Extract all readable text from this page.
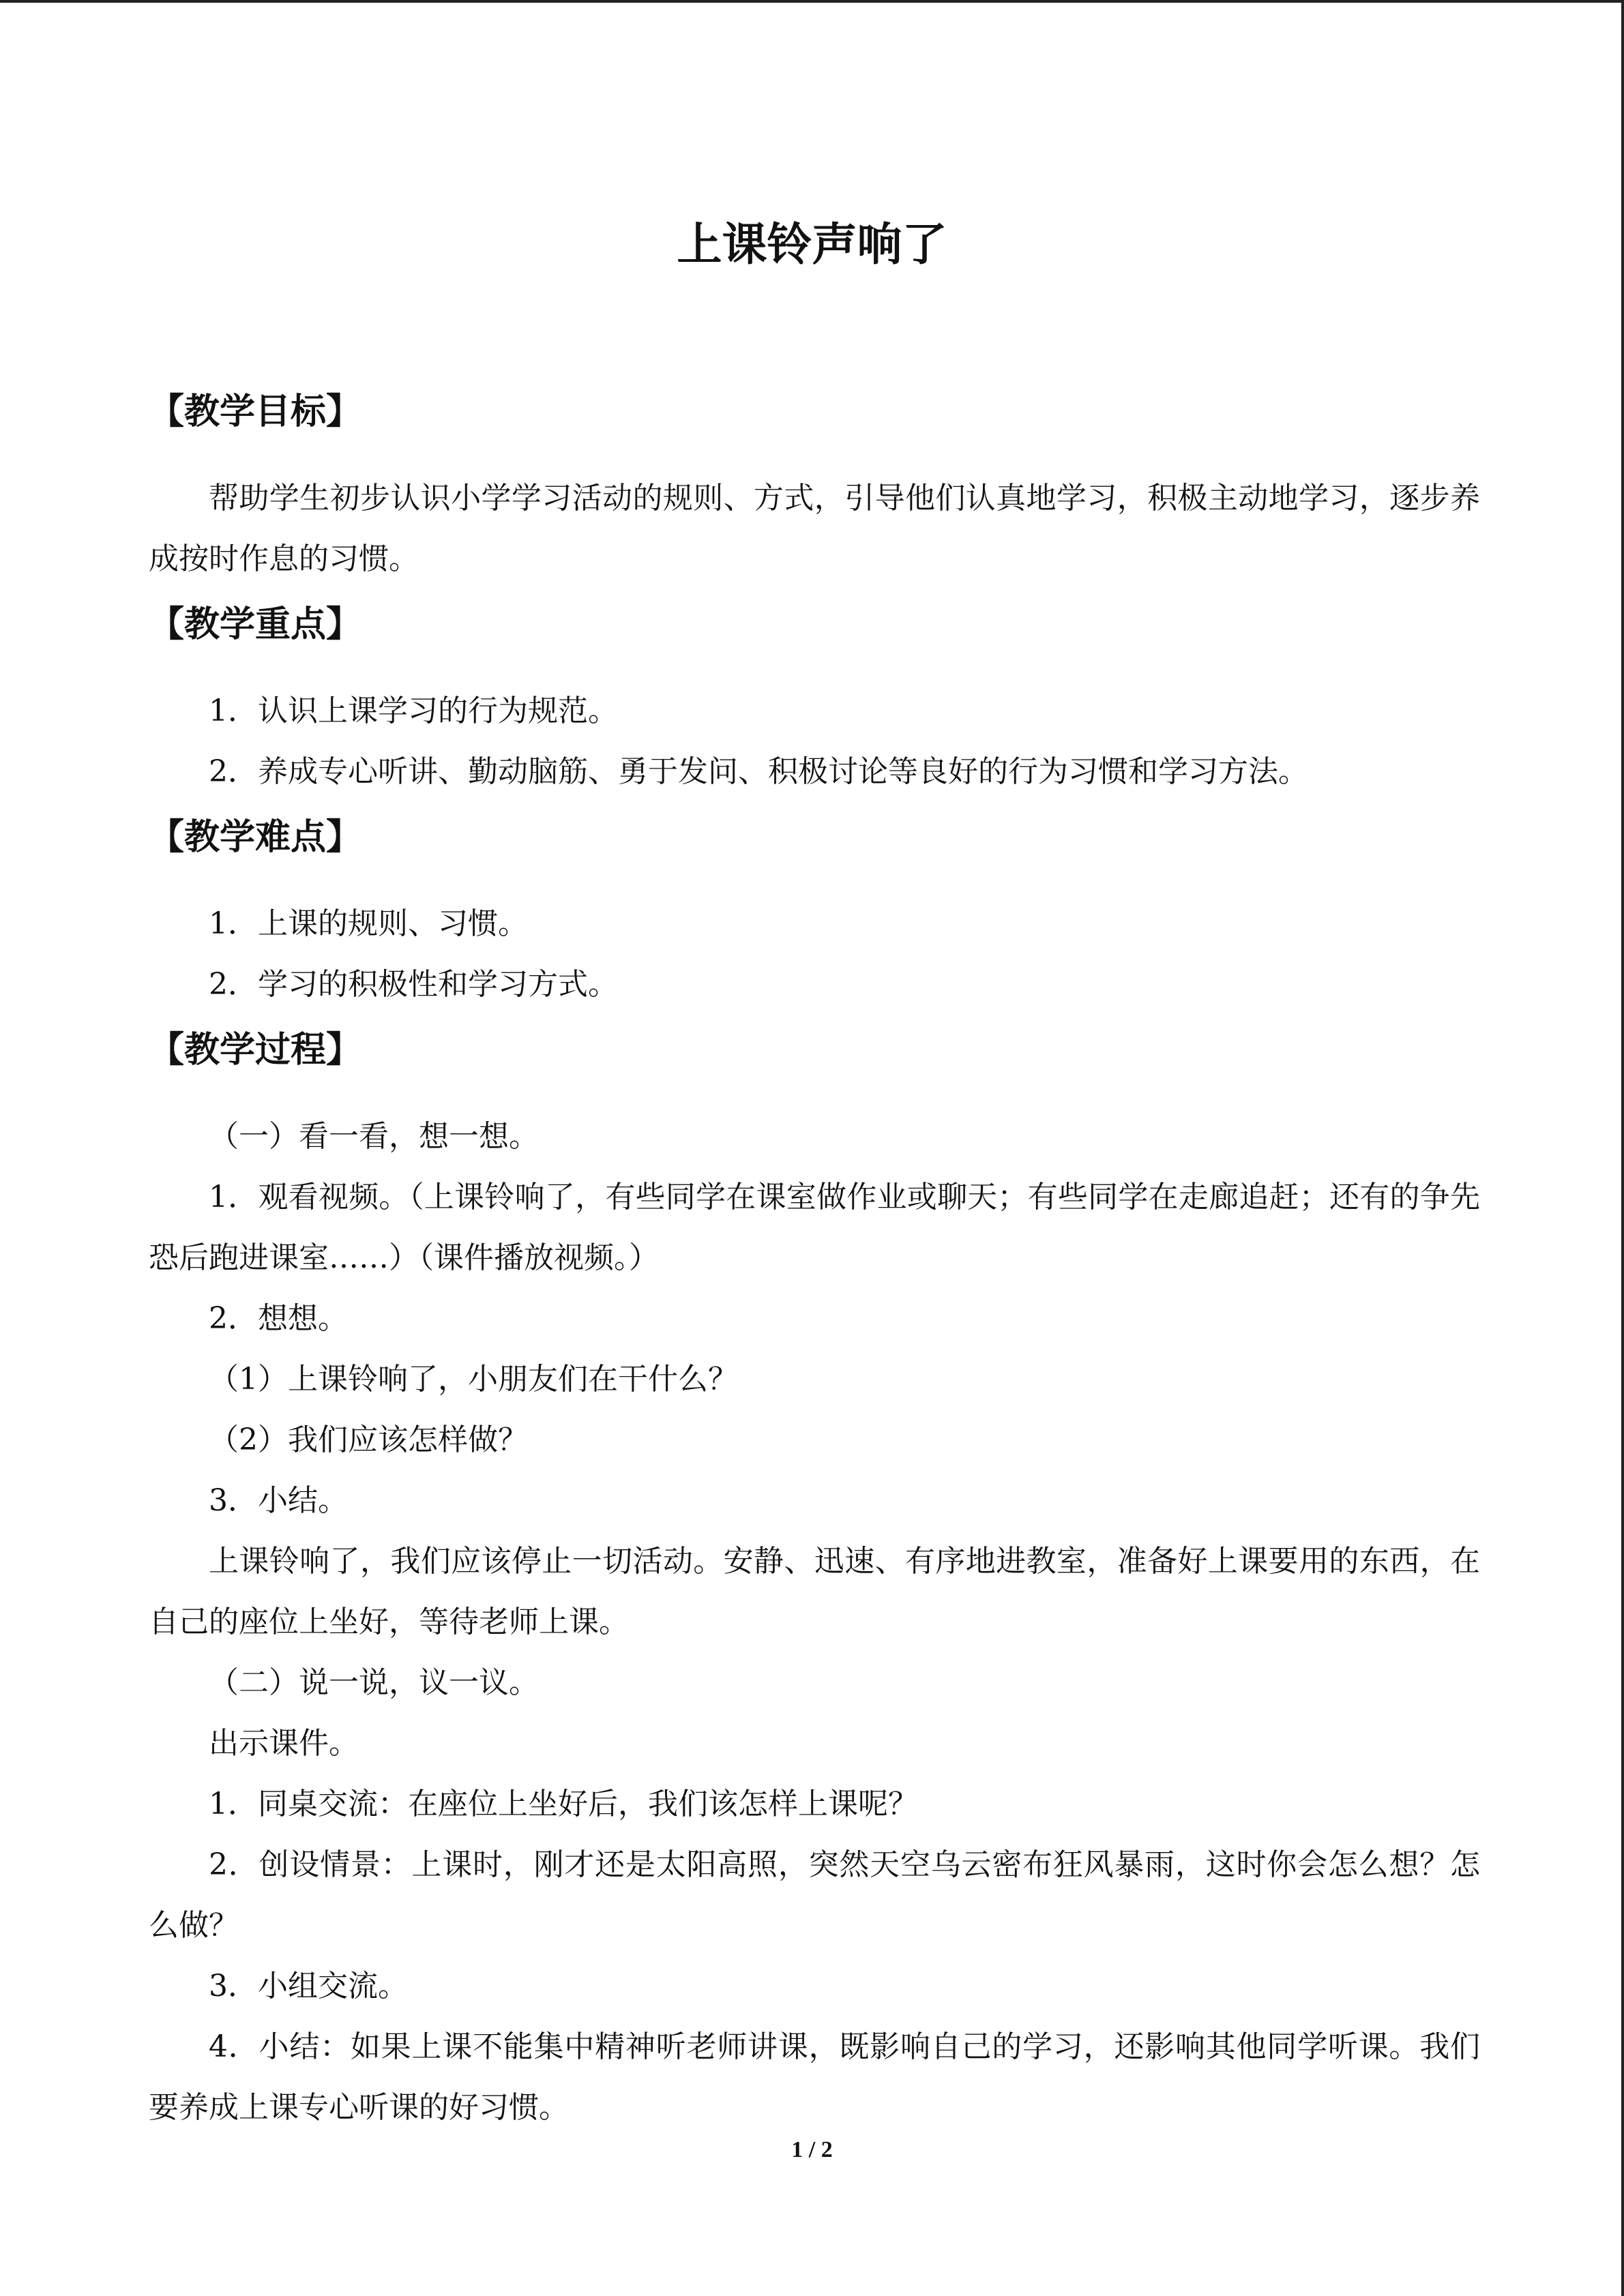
上课铃声响了
【教学目标】

帮助学生初步认识小学学习活动的规则、方式，引导他们认真地学习，积极主动地学习，逐步养成按时作息的习惯。

【教学重点】

1．认识上课学习的行为规范。

2．养成专心听讲、勤动脑筋、勇于发问、积极讨论等良好的行为习惯和学习方法。

【教学难点】

1．上课的规则、习惯。

2．学习的积极性和学习方式。

【教学过程】

（一）看一看，想一想。

1．观看视频。（上课铃响了，有些同学在课室做作业或聊天；有些同学在走廊追赶；还有的争先恐后跑进课室……）（课件播放视频。）

2．想想。

（1）上课铃响了，小朋友们在干什么？

（2）我们应该怎样做？

3．小结。

上课铃响了，我们应该停止一切活动。安静、迅速、有序地进教室，准备好上课要用的东西，在自己的座位上坐好，等待老师上课。

（二）说一说，议一议。

出示课件。

1．同桌交流：在座位上坐好后，我们该怎样上课呢？

2．创设情景：上课时，刚才还是太阳高照，突然天空乌云密布狂风暴雨，这时你会怎么想？怎么做？

3．小组交流。

4．小结：如果上课不能集中精神听老师讲课，既影响自己的学习，还影响其他同学听课。我们要养成上课专心听课的好习惯。

1 / 2
